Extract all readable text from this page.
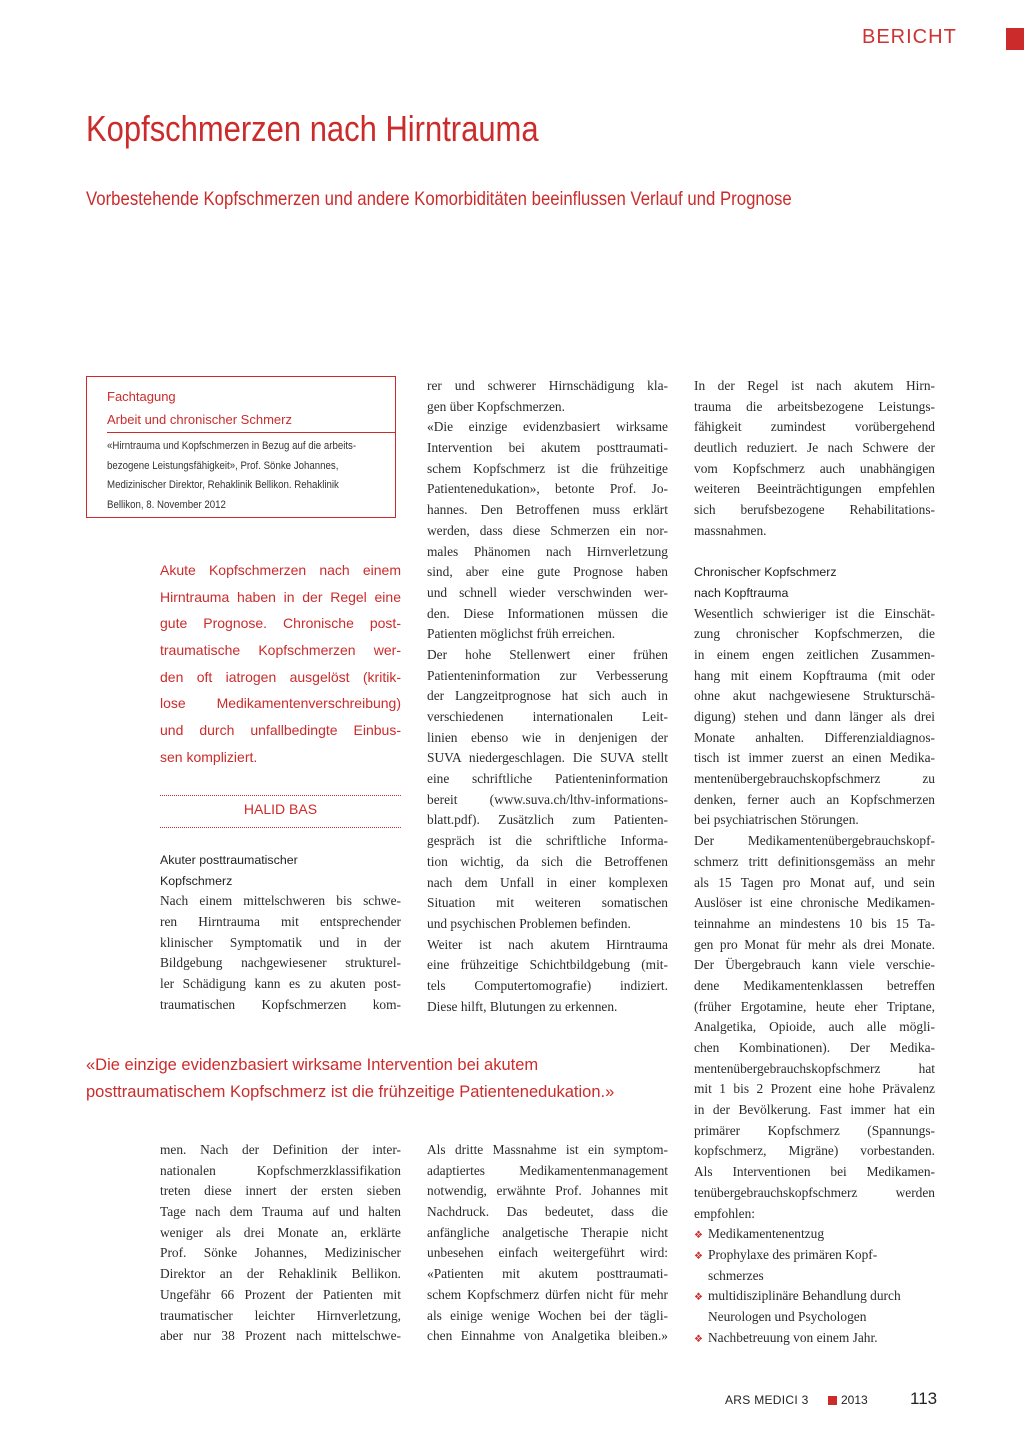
BERICHT
Kopfschmerzen nach Hirntrauma
Vorbestehende Kopfschmerzen und andere Komorbiditäten beeinflussen Verlauf und Prognose
Fachtagung
Arbeit und chronischer Schmerz
«Hirntrauma und Kopfschmerzen in Bezug auf die arbeits-
bezogene Leistungsfähigkeit», Prof. Sönke Johannes,
Medizinischer Direktor, Rehaklinik Bellikon. Rehaklinik
Bellikon, 8. November 2012
Akute Kopfschmerzen nach einem
Hirntrauma haben in der Regel eine
gute Prognose. Chronische post-
traumatische Kopfschmerzen wer-
den oft iatrogen ausgelöst (kritik-
lose Medikamentenverschreibung)
und durch unfallbedingte Einbus-
sen kompliziert.
HALID BAS
Akuter posttraumatischer
Kopfschmerz
Nach einem mittelschweren bis schwe-
ren Hirntrauma mit entsprechender
klinischer Symptomatik und in der
Bildgebung nachgewiesener strukturel-
ler Schädigung kann es zu akuten post-
traumatischen Kopfschmerzen kom-
rer und schwerer Hirnschädigung kla-
gen über Kopfschmerzen.
«Die einzige evidenzbasiert wirksame
Intervention bei akutem posttraumati-
schem Kopfschmerz ist die frühzeitige
Patientenedukation», betonte Prof. Jo-
hannes. Den Betroffenen muss erklärt
werden, dass diese Schmerzen ein nor-
males Phänomen nach Hirnverletzung
sind, aber eine gute Prognose haben
und schnell wieder verschwinden wer-
den. Diese Informationen müssen die
Patienten möglichst früh erreichen.
Der hohe Stellenwert einer frühen
Patienteninformation zur Verbesserung
der Langzeitprognose hat sich auch in
verschiedenen internationalen Leit-
linien ebenso wie in denjenigen der
SUVA niedergeschlagen. Die SUVA stellt
eine schriftliche Patienteninformation
bereit (www.suva.ch/lthv-informations-
blatt.pdf). Zusätzlich zum Patienten-
gespräch ist die schriftliche Informa-
tion wichtig, da sich die Betroffenen
nach dem Unfall in einer komplexen
Situation mit weiteren somatischen
und psychischen Problemen befinden.
Weiter ist nach akutem Hirntrauma
eine frühzeitige Schichtbildgebung (mit-
tels Computertomografie) indiziert.
Diese hilft, Blutungen zu erkennen.
In der Regel ist nach akutem Hirn-
trauma die arbeitsbezogene Leistungs-
fähigkeit zumindest vorübergehend
deutlich reduziert. Je nach Schwere der
vom Kopfschmerz auch unabhängigen
weiteren Beeinträchtigungen empfehlen
sich berufsbezogene Rehabilitations-
massnahmen.
Chronischer Kopfschmerz
nach Kopftrauma
Wesentlich schwieriger ist die Einschät-
zung chronischer Kopfschmerzen, die
in einem engen zeitlichen Zusammen-
hang mit einem Kopftrauma (mit oder
ohne akut nachgewiesene Strukturschä-
digung) stehen und dann länger als drei
Monate anhalten. Differenzialdiagnos-
tisch ist immer zuerst an einen Medika-
mentenübergebrauchskopfschmerz zu
denken, ferner auch an Kopfschmerzen
bei psychiatrischen Störungen.
Der Medikamentenübergebrauchskopf-
schmerz tritt definitionsgemäss an mehr
als 15 Tagen pro Monat auf, und sein
Auslöser ist eine chronische Medikamen-
teinnahme an mindestens 10 bis 15 Ta-
gen pro Monat für mehr als drei Monate.
Der Übergebrauch kann viele verschie-
dene Medikamentenklassen betreffen
(früher Ergotamine, heute eher Triptane,
Analgetika, Opioide, auch alle mögli-
chen Kombinationen). Der Medika-
mentenübergebrauchskopfschmerz hat
mit 1 bis 2 Prozent eine hohe Prävalenz
in der Bevölkerung. Fast immer hat ein
primärer Kopfschmerz (Spannungs-
kopfschmerz, Migräne) vorbestanden.
Als Interventionen bei Medikamen-
tenübergebrauchskopfschmerz werden
empfohlen:
❖ Medikamentenentzug
❖ Prophylaxe des primären Kopf-
schmerzes
❖ multidisziplinäre Behandlung durch
Neurologen und Psychologen
❖ Nachbetreuung von einem Jahr.
«Die einzige evidenzbasiert wirksame Intervention bei akutem
posttraumatischem Kopfschmerz ist die frühzeitige Patientenedukation.»
men. Nach der Definition der inter-
nationalen Kopfschmerzklassifikation
treten diese innert der ersten sieben
Tage nach dem Trauma auf und halten
weniger als drei Monate an, erklärte
Prof. Sönke Johannes, Medizinischer
Direktor an der Rehaklinik Bellikon.
Ungefähr 66 Prozent der Patienten mit
traumatischer leichter Hirnverletzung,
aber nur 38 Prozent nach mittelschwe-
Als dritte Massnahme ist ein symptom-
adaptiertes Medikamentenmanagement
notwendig, erwähnte Prof. Johannes mit
Nachdruck. Das bedeutet, dass die
anfängliche analgetische Therapie nicht
unbesehen einfach weitergeführt wird:
«Patienten mit akutem posttraumati-
schem Kopfschmerz dürfen nicht für mehr
als einige wenige Wochen bei der tägli-
chen Einnahme von Analgetika bleiben.»
ARS MEDICI 3	2013 113
